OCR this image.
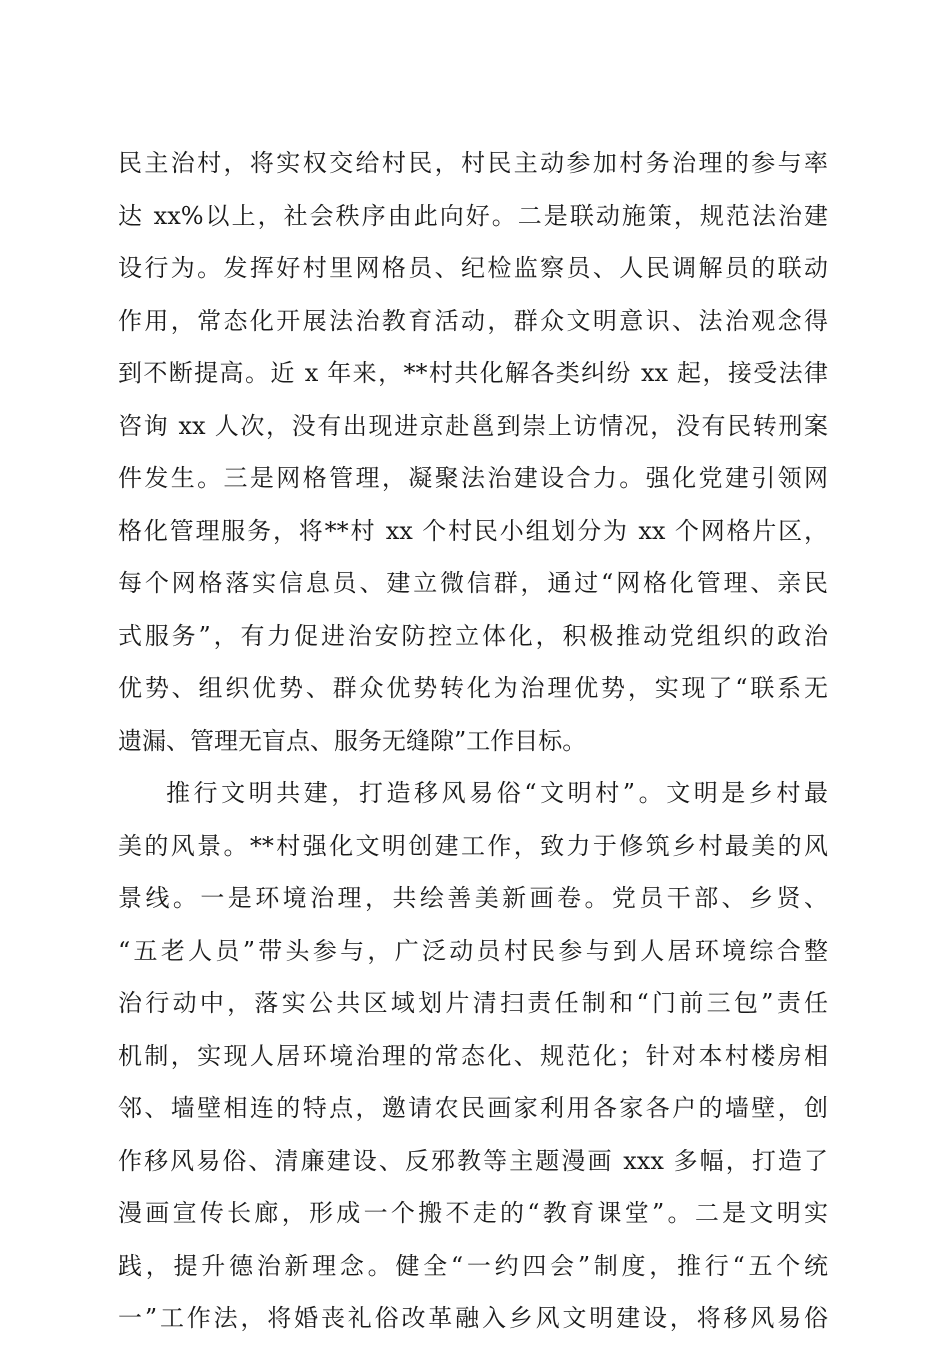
民主治村，将实权交给村民，村民主动参加村务治理的参与率
达 xx%以上，社会秩序由此向好。二是联动施策，规范法治建
设行为。发挥好村里网格员、纪检监察员、人民调解员的联动
作用，常态化开展法治教育活动，群众文明意识、法治观念得
到不断提高。近 x 年来，**村共化解各类纠纷 xx 起，接受法律
咨询 xx 人次，没有出现进京赴邕到崇上访情况，没有民转刑案
件发生。三是网格管理，凝聚法治建设合力。强化党建引领网
格化管理服务，将**村 xx 个村民小组划分为 xx 个网格片区，
每个网格落实信息员、建立微信群，通过“网格化管理、亲民
式服务”，有力促进治安防控立体化，积极推动党组织的政治
优势、组织优势、群众优势转化为治理优势，实现了“联系无
遗漏、管理无盲点、服务无缝隙”工作目标。
推行文明共建，打造移风易俗“文明村”。文明是乡村最
美的风景。**村强化文明创建工作，致力于修筑乡村最美的风
景线。一是环境治理，共绘善美新画卷。党员干部、乡贤、
“五老人员”带头参与，广泛动员村民参与到人居环境综合整
治行动中，落实公共区域划片清扫责任制和“门前三包”责任
机制，实现人居环境治理的常态化、规范化；针对本村楼房相
邻、墙壁相连的特点，邀请农民画家利用各家各户的墙壁，创
作移风易俗、清廉建设、反邪教等主题漫画 xxx 多幅，打造了
漫画宣传长廊，形成一个搬不走的“教育课堂”。二是文明实
践，提升德治新理念。健全“一约四会”制度，推行“五个统
一”工作法，将婚丧礼俗改革融入乡风文明建设，将移风易俗
